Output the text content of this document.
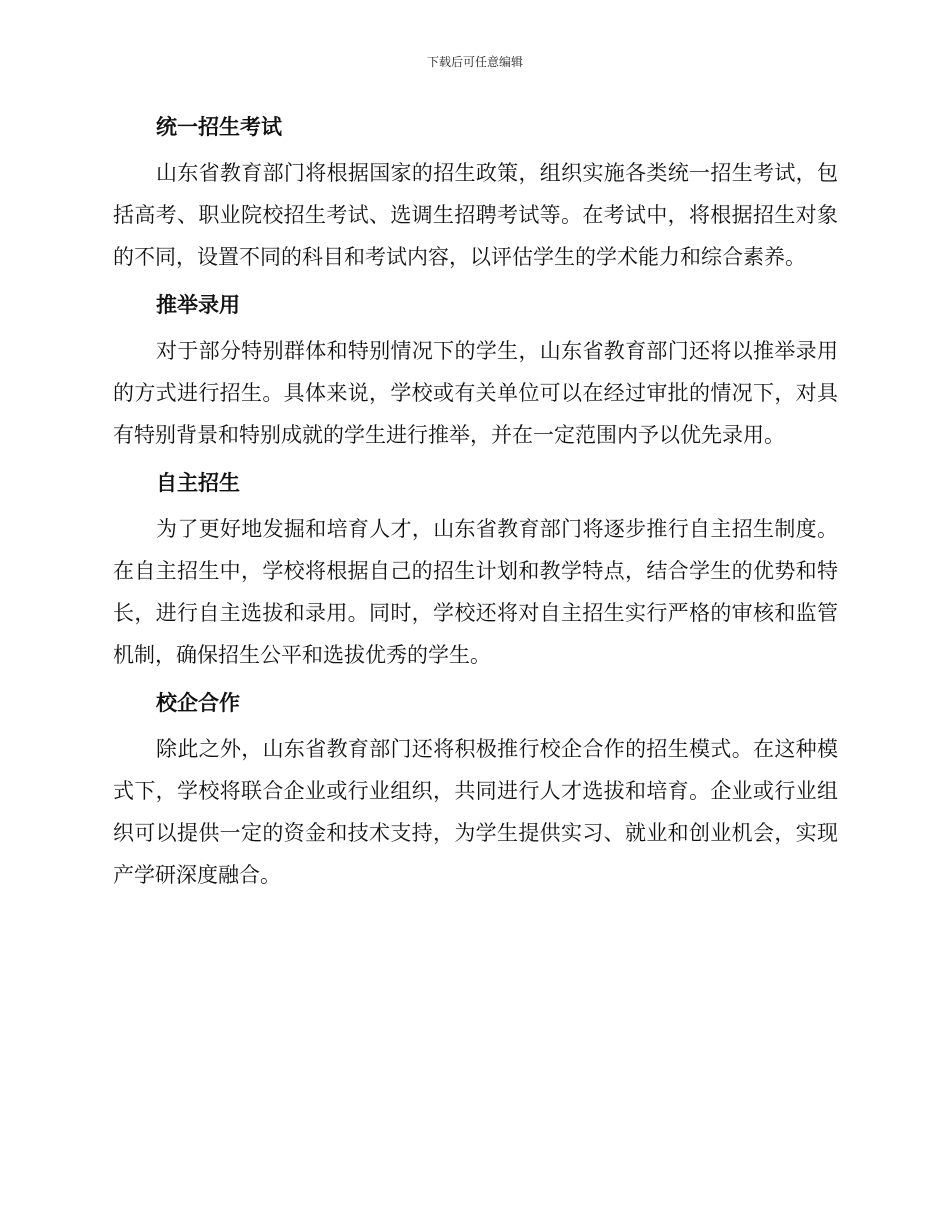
下载后可任意编辑
统一招生考试

山东省教育部门将根据国家的招生政策，组织实施各类统一招生考试，包括高考、职业院校招生考试、选调生招聘考试等。在考试中，将根据招生对象的不同，设置不同的科目和考试内容，以评估学生的学术能力和综合素养。

推举录用

对于部分特别群体和特别情况下的学生，山东省教育部门还将以推举录用的方式进行招生。具体来说，学校或有关单位可以在经过审批的情况下，对具有特别背景和特别成就的学生进行推举，并在一定范围内予以优先录用。

自主招生

为了更好地发掘和培育人才，山东省教育部门将逐步推行自主招生制度。在自主招生中，学校将根据自己的招生计划和教学特点，结合学生的优势和特长，进行自主选拔和录用。同时，学校还将对自主招生实行严格的审核和监管机制，确保招生公平和选拔优秀的学生。

校企合作

除此之外，山东省教育部门还将积极推行校企合作的招生模式。在这种模式下，学校将联合企业或行业组织，共同进行人才选拔和培育。企业或行业组织可以提供一定的资金和技术支持，为学生提供实习、就业和创业机会，实现产学研深度融合。
